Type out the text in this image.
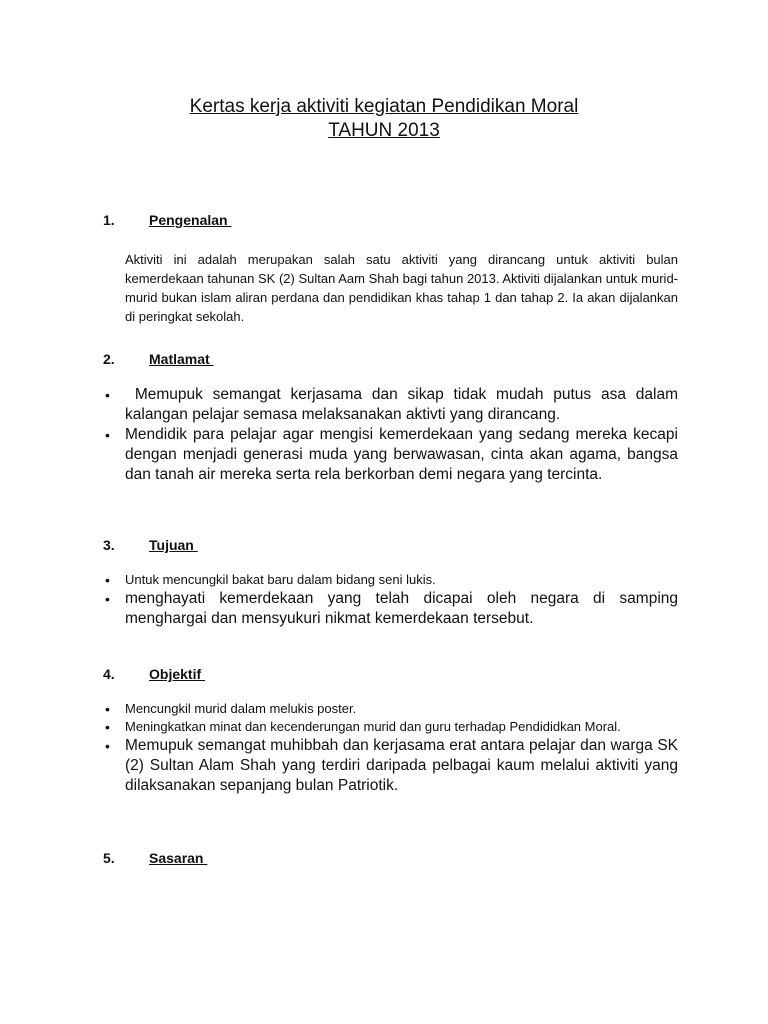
Kertas kerja aktiviti kegiatan Pendidikan Moral
TAHUN 2013
1. Pengenalan

Aktiviti ini adalah merupakan salah satu aktiviti yang dirancang untuk aktiviti bulan kemerdekaan tahunan SK (2) Sultan Aam Shah bagi tahun 2013. Aktiviti dijalankan untuk murid-murid bukan islam aliran perdana dan pendidikan khas tahap 1 dan tahap 2. Ia akan dijalankan di peringkat sekolah.

2. Matlamat
•  Memupuk semangat kerjasama dan sikap tidak mudah putus asa dalam kalangan pelajar semasa melaksanakan aktivti yang dirancang.
• Mendidik para pelajar agar mengisi kemerdekaan yang sedang mereka kecapi dengan menjadi generasi muda yang berwawasan, cinta akan agama, bangsa dan tanah air mereka serta rela berkorban demi negara yang tercinta.
3. Tujuan
• Untuk mencungkil bakat baru dalam bidang seni lukis.
• menghayati kemerdekaan yang telah dicapai oleh negara di samping menghargai dan mensyukuri nikmat kemerdekaan tersebut.
4. Objektif
• Mencungkil murid dalam melukis poster.
• Meningkatkan minat dan kecenderungan murid dan guru terhadap Pendididkan Moral.
• Memupuk semangat muhibbah dan kerjasama erat antara pelajar dan warga SK (2) Sultan Alam Shah yang terdiri daripada pelbagai kaum melalui aktiviti yang dilaksanakan sepanjang bulan Patriotik.
5. Sasaran
